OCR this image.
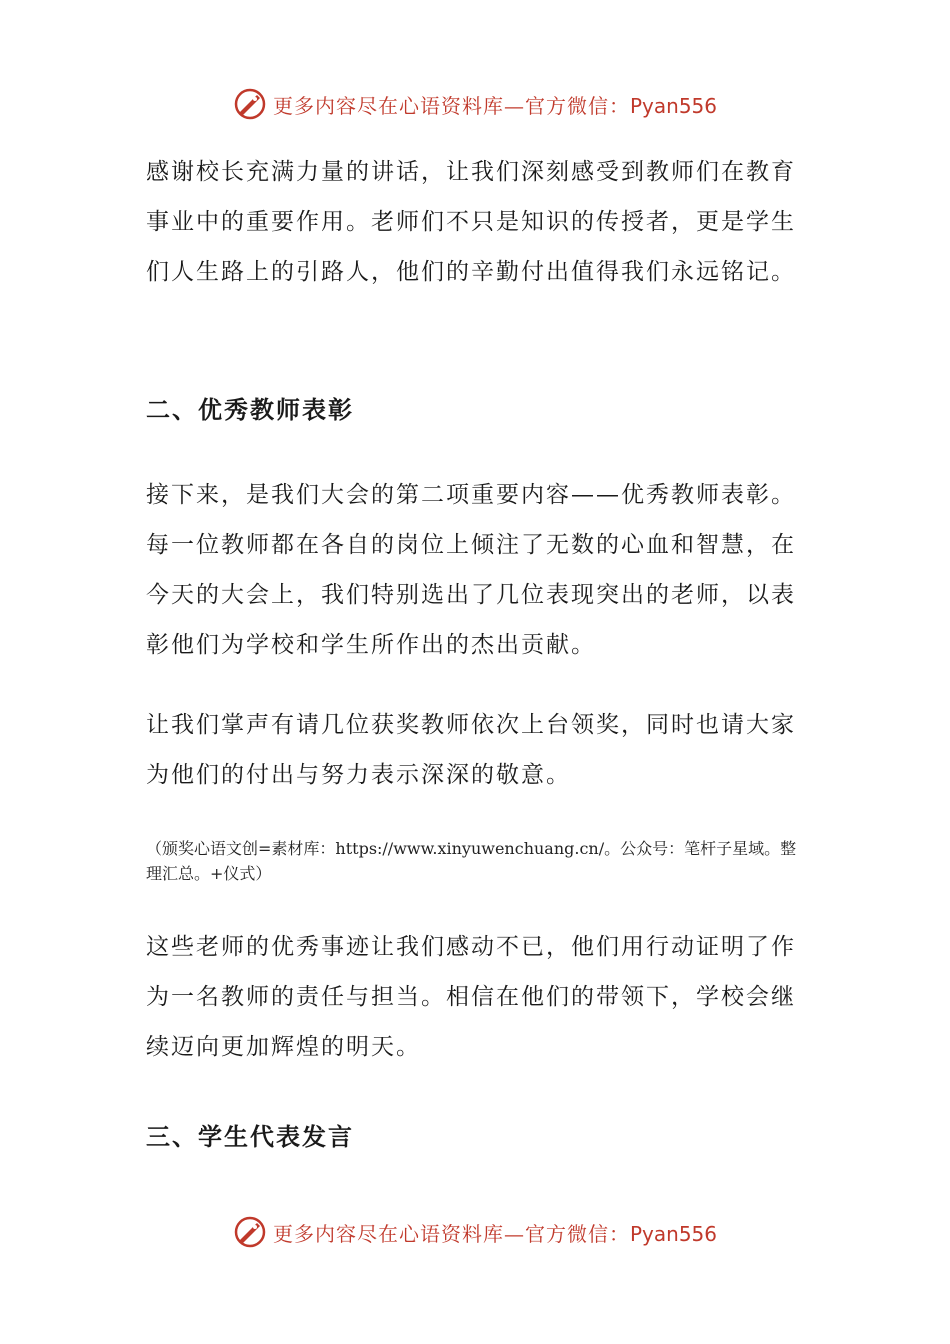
更多内容尽在心语资料库—官方微信：Pyan556

感谢校长充满力量的讲话，让我们深刻感受到教师们在教育事业中的重要作用。老师们不只是知识的传授者，更是学生们人生路上的引路人，他们的辛勤付出值得我们永远铭记。

二、优秀教师表彰

接下来，是我们大会的第二项重要内容——优秀教师表彰。每一位教师都在各自的岗位上倾注了无数的心血和智慧，在今天的大会上，我们特别选出了几位表现突出的老师，以表彰他们为学校和学生所作出的杰出贡献。

让我们掌声有请几位获奖教师依次上台领奖，同时也请大家为他们的付出与努力表示深深的敬意。

（颁奖心语文创=素材库：https://www.xinyuwenchuang.cn/。公众号：笔杆子星域。整理汇总。+仪式）

这些老师的优秀事迹让我们感动不已，他们用行动证明了作为一名教师的责任与担当。相信在他们的带领下，学校会继续迈向更加辉煌的明天。

三、学生代表发言
更多内容尽在心语资料库—官方微信：Pyan556
